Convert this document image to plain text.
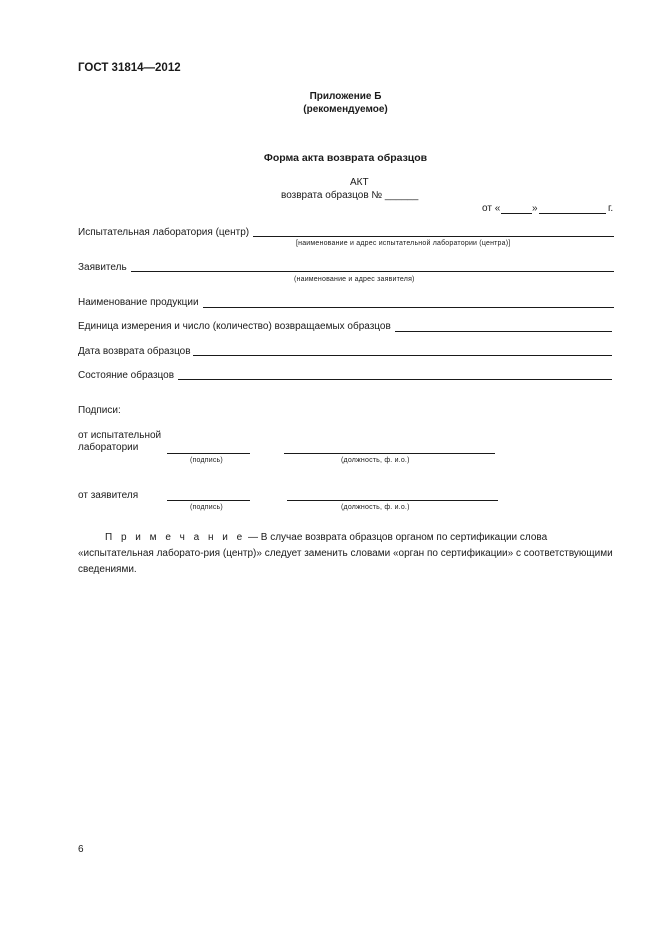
ГОСТ 31814—2012
Приложение Б
(рекомендуемое)
Форма акта возврата образцов
АКТ
возврата образцов № ______
от «	»	г.
Испытательная лаборатория (центр)
[наименование и адрес испытательной лаборатории (центра)]
Заявитель
(наименование и адрес заявителя)
Наименование продукции
Единица измерения и число (количество) возвращаемых образцов
Дата возврата образцов
Состояние образцов
Подписи:
от испытательной
лаборатории
(подпись)	(должность, ф. и.о.)
от заявителя
(подпись)	(должность, ф. и.о.)
П р и м е ч а н и е — В случае возврата образцов органом по сертификации слова «испытательная лаборато-рия (центр)» следует заменить словами «орган по сертификации» с соответствующими сведениями.
6
